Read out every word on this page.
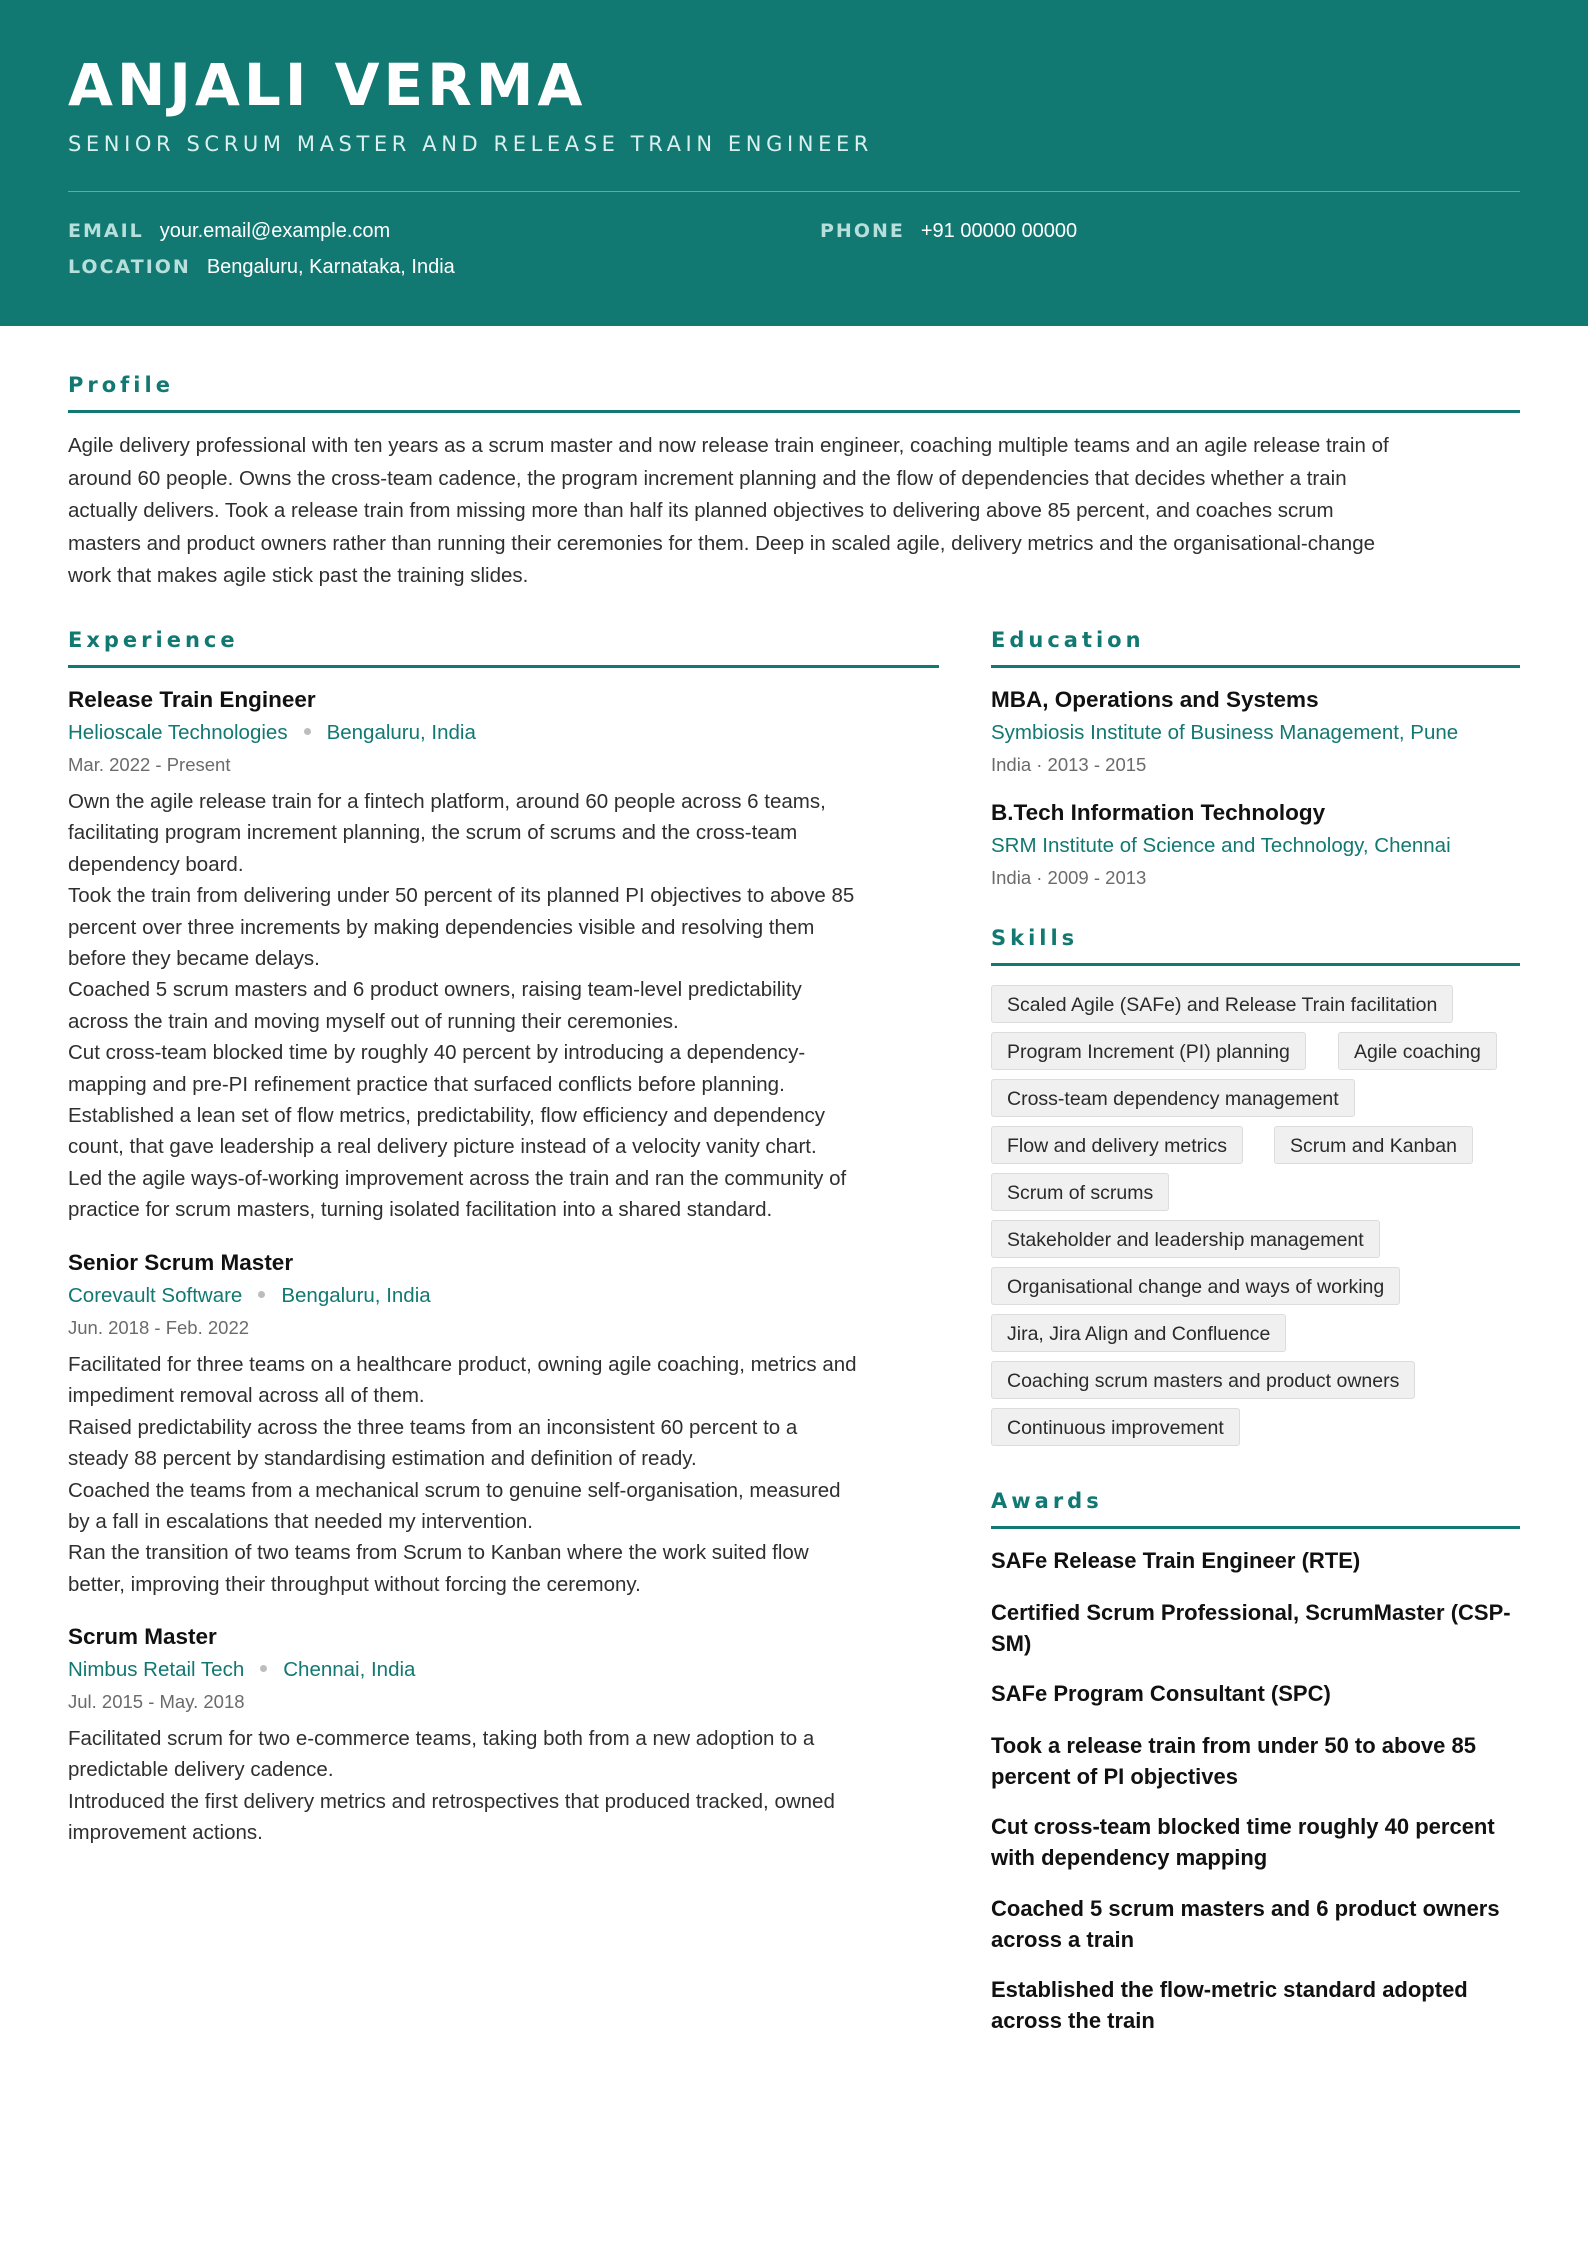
ANJALI VERMA
SENIOR SCRUM MASTER AND RELEASE TRAIN ENGINEER
EMAIL your.email@example.com	PHONE +91 00000 00000
LOCATION Bengaluru, Karnataka, India
Profile
Agile delivery professional with ten years as a scrum master and now release train engineer, coaching multiple teams and an agile release train of
around 60 people. Owns the cross-team cadence, the program increment planning and the flow of dependencies that decides whether a train
actually delivers. Took a release train from missing more than half its planned objectives to delivering above 85 percent, and coaches scrum
masters and product owners rather than running their ceremonies for them. Deep in scaled agile, delivery metrics and the organisational-change
work that makes agile stick past the training slides.
Experience
Release Train Engineer
Helioscale Technologies Bengaluru, India
Mar. 2022 - Present
Own the agile release train for a fintech platform, around 60 people across 6 teams,
facilitating program increment planning, the scrum of scrums and the cross-team
dependency board.
Took the train from delivering under 50 percent of its planned PI objectives to above 85
percent over three increments by making dependencies visible and resolving them
before they became delays.
Coached 5 scrum masters and 6 product owners, raising team-level predictability
across the train and moving myself out of running their ceremonies.
Cut cross-team blocked time by roughly 40 percent by introducing a dependency-
mapping and pre-PI refinement practice that surfaced conflicts before planning.
Established a lean set of flow metrics, predictability, flow efficiency and dependency
count, that gave leadership a real delivery picture instead of a velocity vanity chart.
Led the agile ways-of-working improvement across the train and ran the community of
practice for scrum masters, turning isolated facilitation into a shared standard.
Senior Scrum Master
Corevault Software Bengaluru, India
Jun. 2018 - Feb. 2022
Facilitated for three teams on a healthcare product, owning agile coaching, metrics and
impediment removal across all of them.
Raised predictability across the three teams from an inconsistent 60 percent to a
steady 88 percent by standardising estimation and definition of ready.
Coached the teams from a mechanical scrum to genuine self-organisation, measured
by a fall in escalations that needed my intervention.
Ran the transition of two teams from Scrum to Kanban where the work suited flow
better, improving their throughput without forcing the ceremony.
Scrum Master
Nimbus Retail Tech Chennai, India
Jul. 2015 - May. 2018
Facilitated scrum for two e-commerce teams, taking both from a new adoption to a
predictable delivery cadence.
Introduced the first delivery metrics and retrospectives that produced tracked, owned
improvement actions.
Education
MBA, Operations and Systems
Symbiosis Institute of Business Management, Pune
India · 2013 - 2015
B.Tech Information Technology
SRM Institute of Science and Technology, Chennai
India · 2009 - 2013
Skills
Scaled Agile (SAFe) and Release Train facilitation
Program Increment (PI) planning	Agile coaching
Cross-team dependency management
Flow and delivery metrics	Scrum and Kanban
Scrum of scrums
Stakeholder and leadership management
Organisational change and ways of working
Jira, Jira Align and Confluence
Coaching scrum masters and product owners
Continuous improvement
Awards
SAFe Release Train Engineer (RTE)
Certified Scrum Professional, ScrumMaster (CSP-SM)
SAFe Program Consultant (SPC)
Took a release train from under 50 to above 85 percent of PI objectives
Cut cross-team blocked time roughly 40 percent with dependency mapping
Coached 5 scrum masters and 6 product owners across a train
Established the flow-metric standard adopted across the train
